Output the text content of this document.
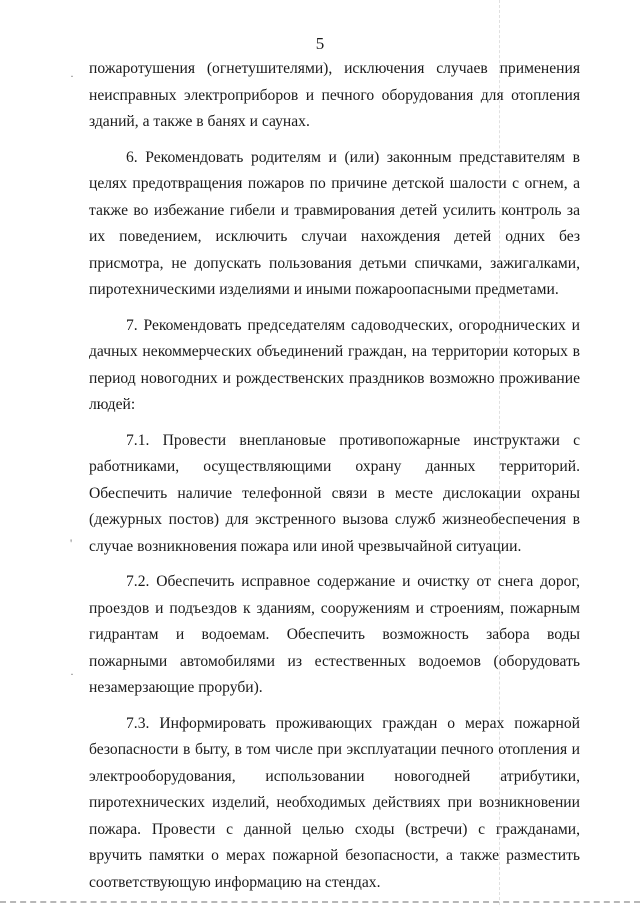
5
·
'
·

пожаротушения (огнетушителями), исключения случаев применения неисправных электроприборов и печного оборудования для отопления зданий, а также в банях и саунах.

6. Рекомендовать родителям и (или) законным представителям в целях предотвращения пожаров по причине детской шалости с огнем, а также во избежание гибели и травмирования детей усилить контроль за их поведением, исключить случаи нахождения детей одних без присмотра, не допускать пользования детьми спичками, зажигалками, пиротехническими изделиями и иными пожароопасными предметами.

7. Рекомендовать председателям садоводческих, огороднических и дачных некоммерческих объединений граждан, на территории которых в период новогодних и рождественских праздников возможно проживание людей:

7.1. Провести внеплановые противопожарные инструктажи с работниками, осуществляющими охрану данных территорий. Обеспечить наличие телефонной связи в месте дислокации охраны (дежурных постов) для экстренного вызова служб жизнеобеспечения в случае возникновения пожара или иной чрезвычайной ситуации.

7.2. Обеспечить исправное содержание и очистку от снега дорог, проездов и подъездов к зданиям, сооружениям и строениям, пожарным гидрантам и водоемам. Обеспечить возможность забора воды пожарными автомобилями из естественных водоемов (оборудовать незамерзающие проруби).

7.3. Информировать проживающих граждан о мерах пожарной безопасности в быту, в том числе при эксплуатации печного отопления и электрооборудования, использовании новогодней атрибутики, пиротехнических изделий, необходимых действиях при возникновении пожара. Провести с данной целью сходы (встречи) с гражданами, вручить памятки о мерах пожарной безопасности, а также разместить соответствующую информацию на стендах.
